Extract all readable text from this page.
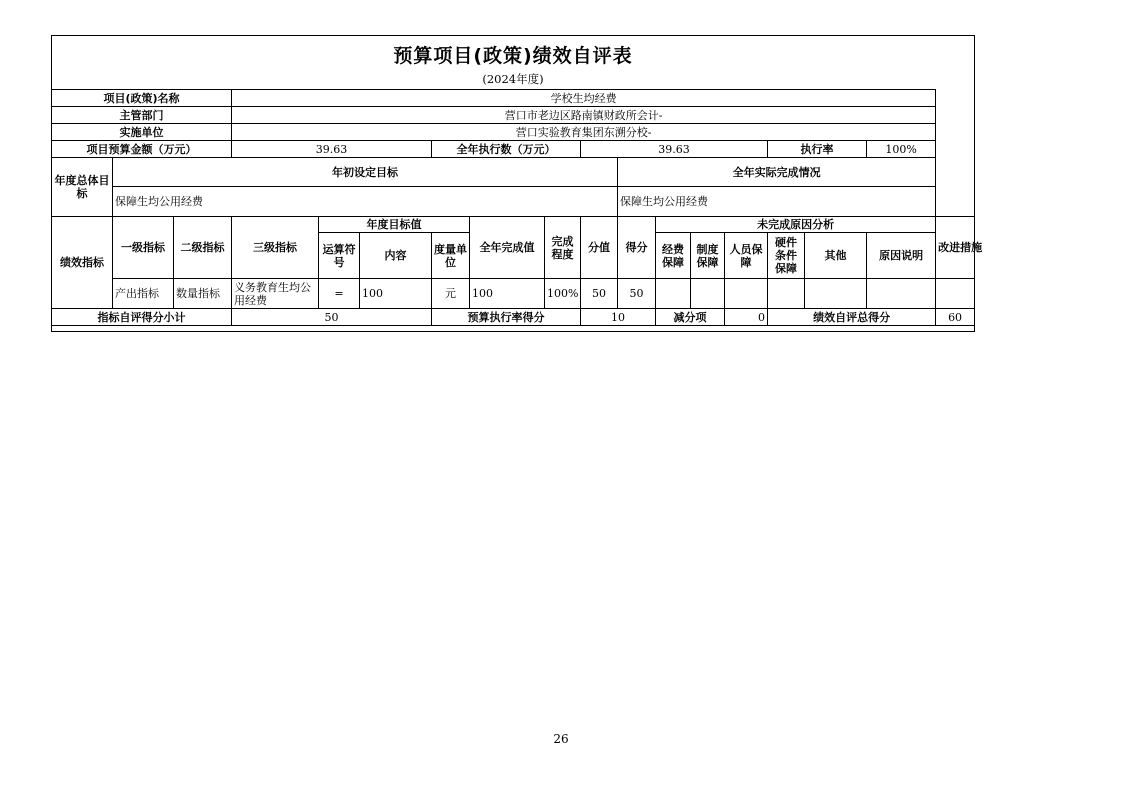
预算项目(政策)绩效自评表
(2024年度)
项目(政策)名称			学校生均经费														
主管部门			营口市老边区路南镇财政所会计-														
实施单位			营口实验教育集团东溯分校-														
项目预算金额（万元）			39.63			全年执行数（万元）			39.63					执行率		100%	
年度总体目标	年初设定目标									全年实际完成情况							
	保障生均公用经费									保障生均公用经费							
绩效指标	一级指标	二级指标	三级指标	年度目标值			全年完成值	完成程度	分值	得分	未完成原因分析						改进措施
				运算符号	内容	度量单位					经费保障	制度保障	人员保障	硬件条件保障	其他	原因说明	
	产出指标	数量指标	义务教育生均公用经费	=	100	元	100	100%	50	50							
指标自评得分小计			50			预算执行率得分			10		减分项		0	绩效自评总得分			60
26
